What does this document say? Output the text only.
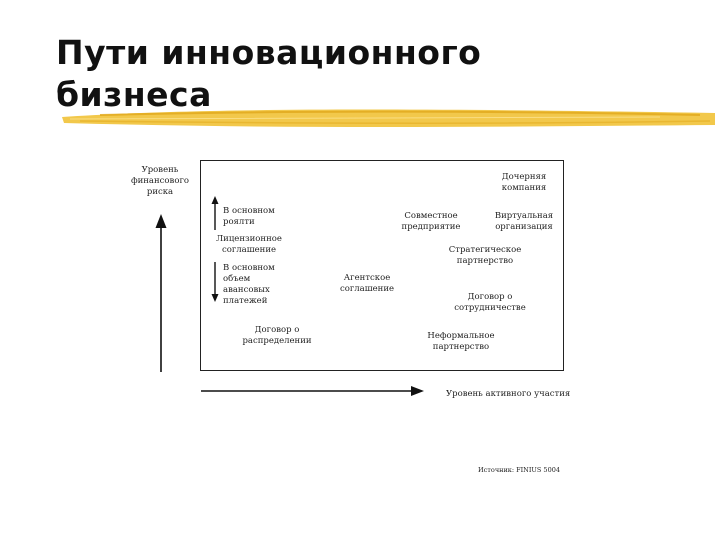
Пути инновационного
бизнеса
Уровень
финансового
риска
В основном
роялти
Лицензионное
соглашение
В основном
объем
авансовых
платежей
Дочерняя
компания
Совместное
предприятие
Виртуальная
организация
Стратегическое
партнерство
Агентское
соглашение
Договор о
сотрудничестве
Договор о
распределении	Неформальное
партнерство
Уровень активного участия
Источник: FINIUS 5004
